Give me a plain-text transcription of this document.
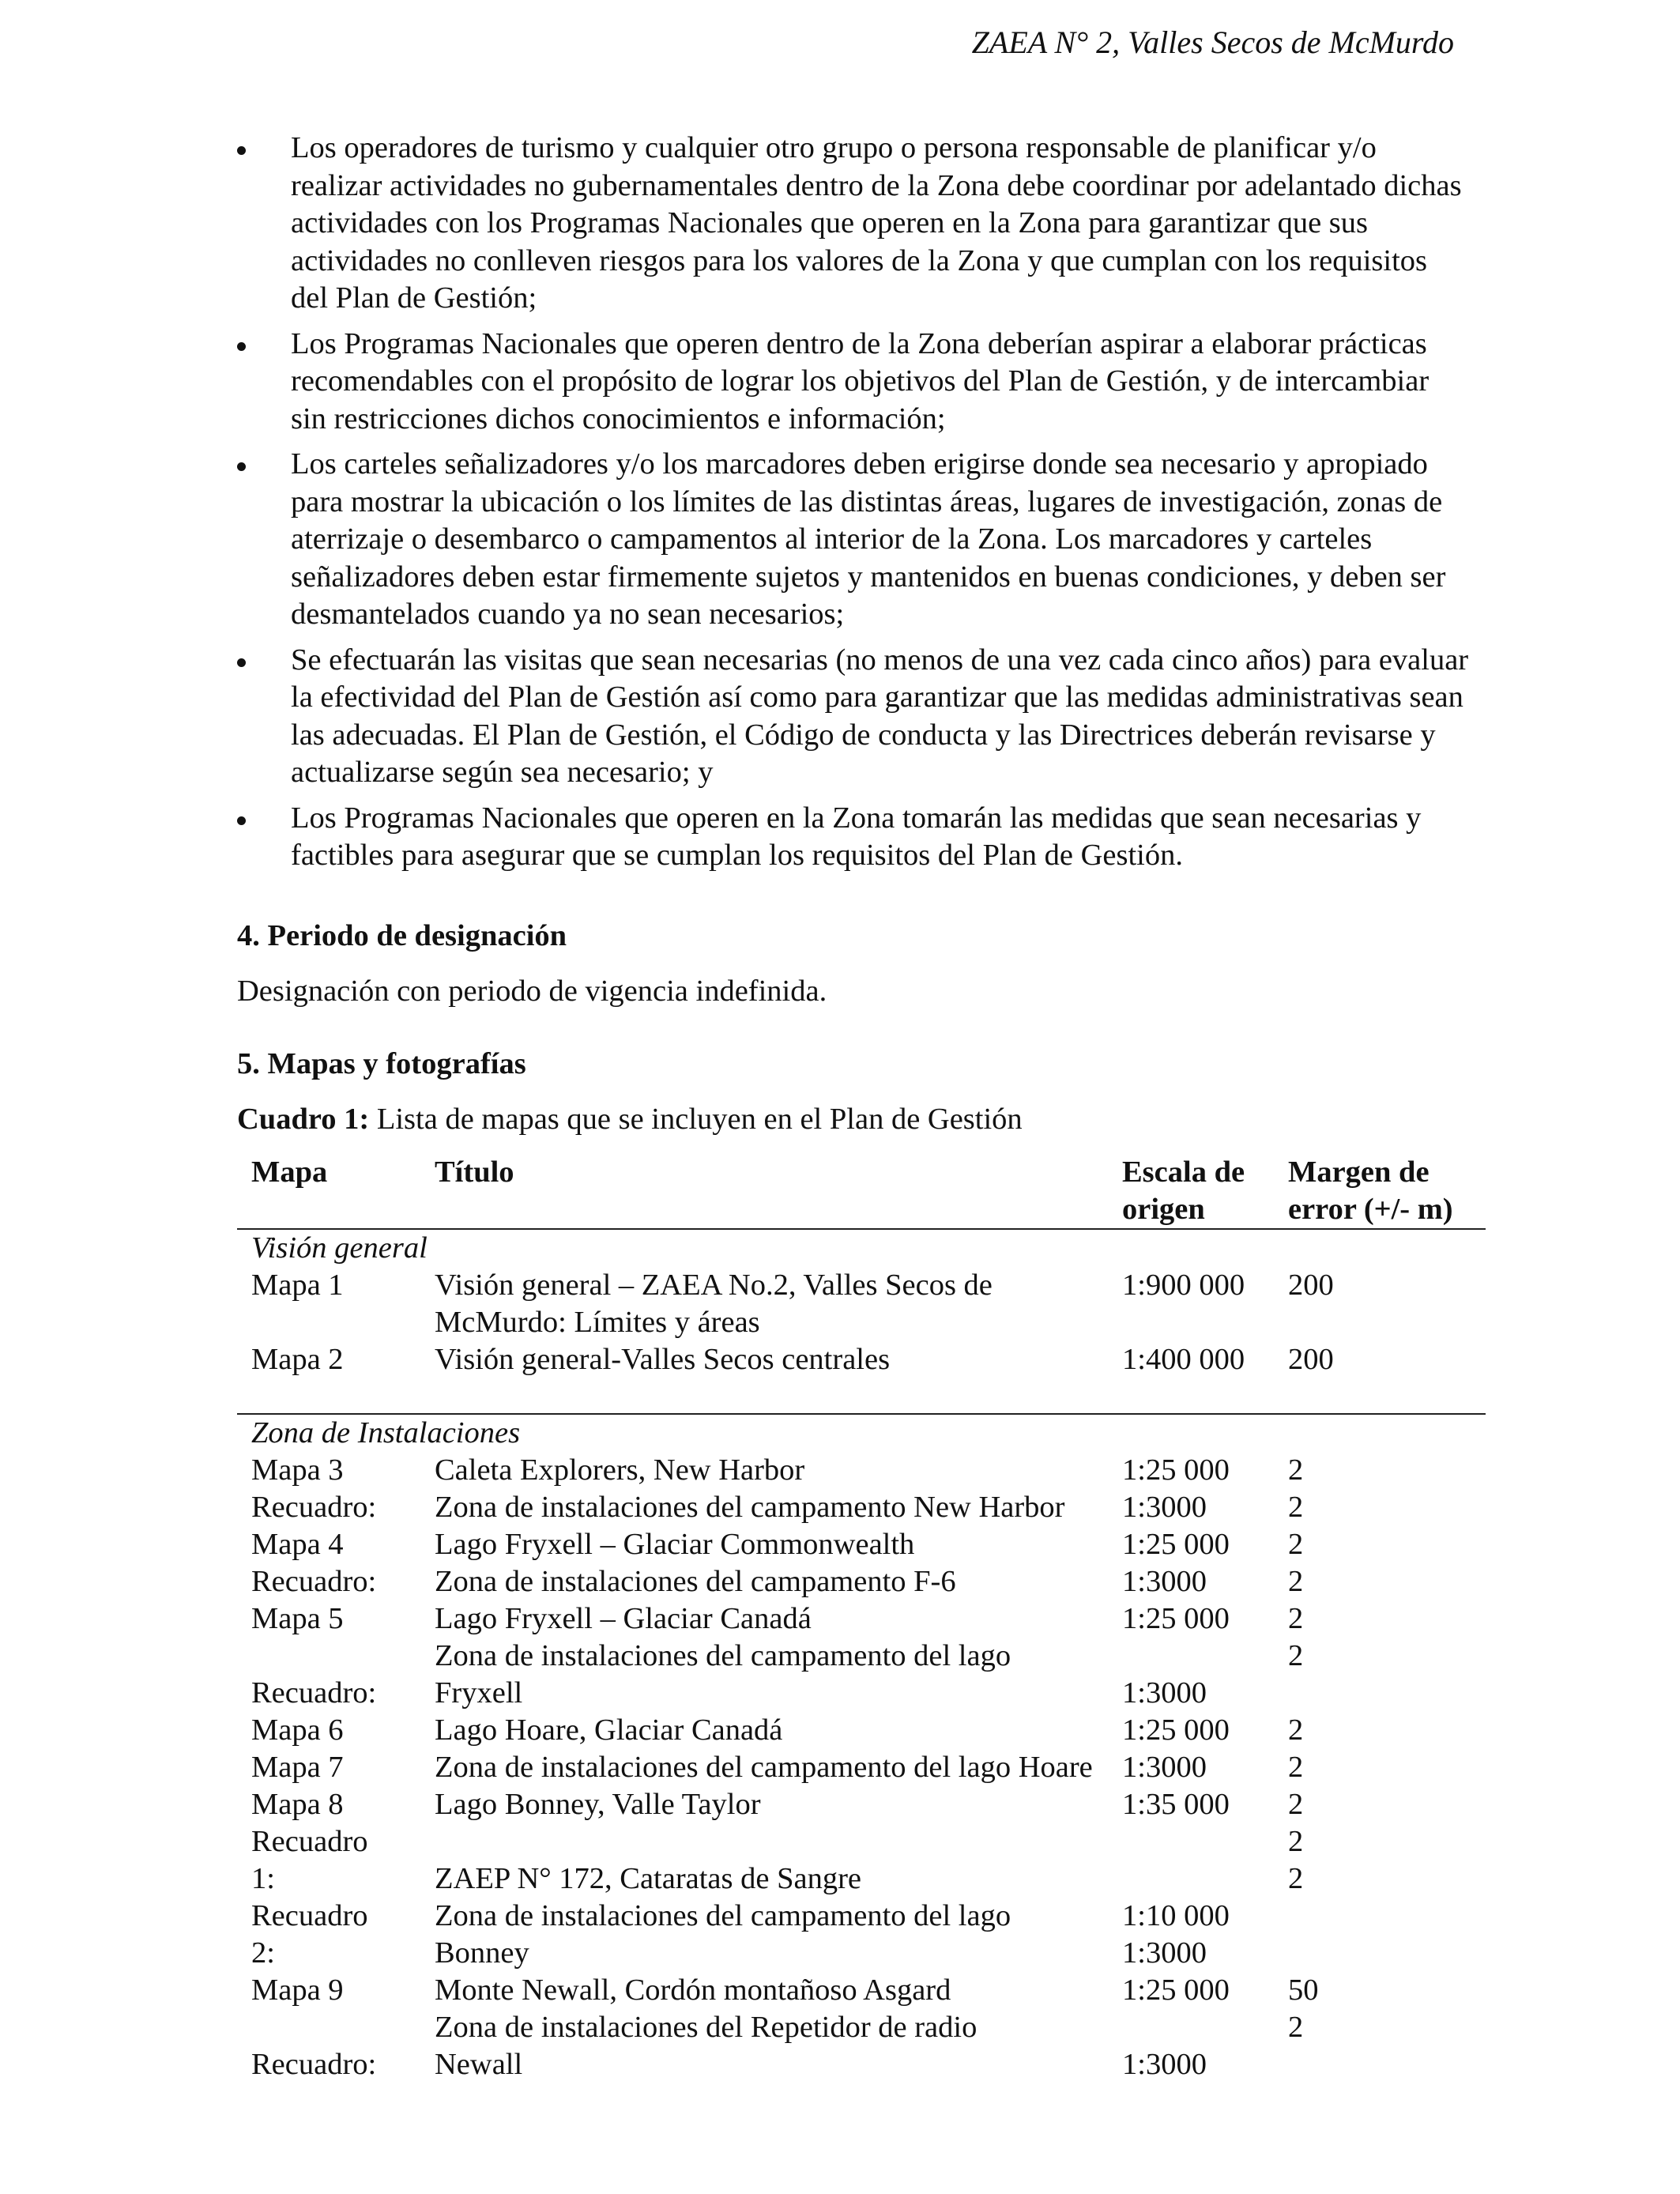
ZAEA N° 2, Valles Secos de McMurdo
Los operadores de turismo y cualquier otro grupo o persona responsable de planificar y/o realizar actividades no gubernamentales dentro de la Zona debe coordinar por adelantado dichas actividades con los Programas Nacionales que operen en la Zona para garantizar que sus actividades no conlleven riesgos para los valores de la Zona y que cumplan con los requisitos del Plan de Gestión;
Los Programas Nacionales que operen dentro de la Zona deberían aspirar a elaborar prácticas recomendables con el propósito de lograr los objetivos del Plan de Gestión, y de intercambiar sin restricciones dichos conocimientos e información;
Los carteles señalizadores y/o los marcadores deben erigirse donde sea necesario y apropiado para mostrar la ubicación o los límites de las distintas áreas, lugares de investigación, zonas de aterrizaje o desembarco o campamentos al interior de la Zona. Los marcadores y carteles señalizadores deben estar firmemente sujetos y mantenidos en buenas condiciones, y deben ser desmantelados cuando ya no sean necesarios;
Se efectuarán las visitas que sean necesarias (no menos de una vez cada cinco años) para evaluar la efectividad del Plan de Gestión así como para garantizar que las medidas administrativas sean las adecuadas. El Plan de Gestión, el Código de conducta y las Directrices deberán revisarse y actualizarse según sea necesario; y
Los Programas Nacionales que operen en la Zona tomarán las medidas que sean necesarias y factibles para asegurar que se cumplan los requisitos del Plan de Gestión.
4. Periodo de designación
Designación con periodo de vigencia indefinida.
5. Mapas y fotografías
Cuadro 1: Lista de mapas que se incluyen en el Plan de Gestión
	Mapa	Título	Escala de origen	Margen de error (+/- m)
	Visión general			
	Mapa 1	Visión general – ZAEA No.2, Valles Secos de McMurdo: Límites y áreas	1:900 000	200
	Mapa 2	Visión general-Valles Secos centrales	1:400 000	200

	Zona de Instalaciones			
	Mapa 3	Caleta Explorers, New Harbor	1:25 000	2
	Recuadro:	Zona de instalaciones del campamento New Harbor	1:3000	2
	Mapa 4	Lago Fryxell – Glaciar Commonwealth	1:25 000	2
	Recuadro:	Zona de instalaciones del campamento F-6	1:3000	2
	Mapa 5	Lago Fryxell – Glaciar Canadá	1:25 000	2
		Zona de instalaciones del campamento del lago		2
	Recuadro:	Fryxell	1:3000	
	Mapa 6	Lago Hoare, Glaciar Canadá	1:25 000	2
	Mapa 7	Zona de instalaciones del campamento del lago Hoare	1:3000	2
	Mapa 8	Lago Bonney, Valle Taylor	1:35 000	2
	Recuadro			2
	1:	ZAEP N° 172, Cataratas de Sangre		2
	Recuadro	Zona de instalaciones del campamento del lago	1:10 000	
	2:	Bonney	1:3000	
	Mapa 9	Monte Newall, Cordón montañoso Asgard	1:25 000	50
		Zona de instalaciones del Repetidor de radio		2
	Recuadro:	Newall	1:3000	
